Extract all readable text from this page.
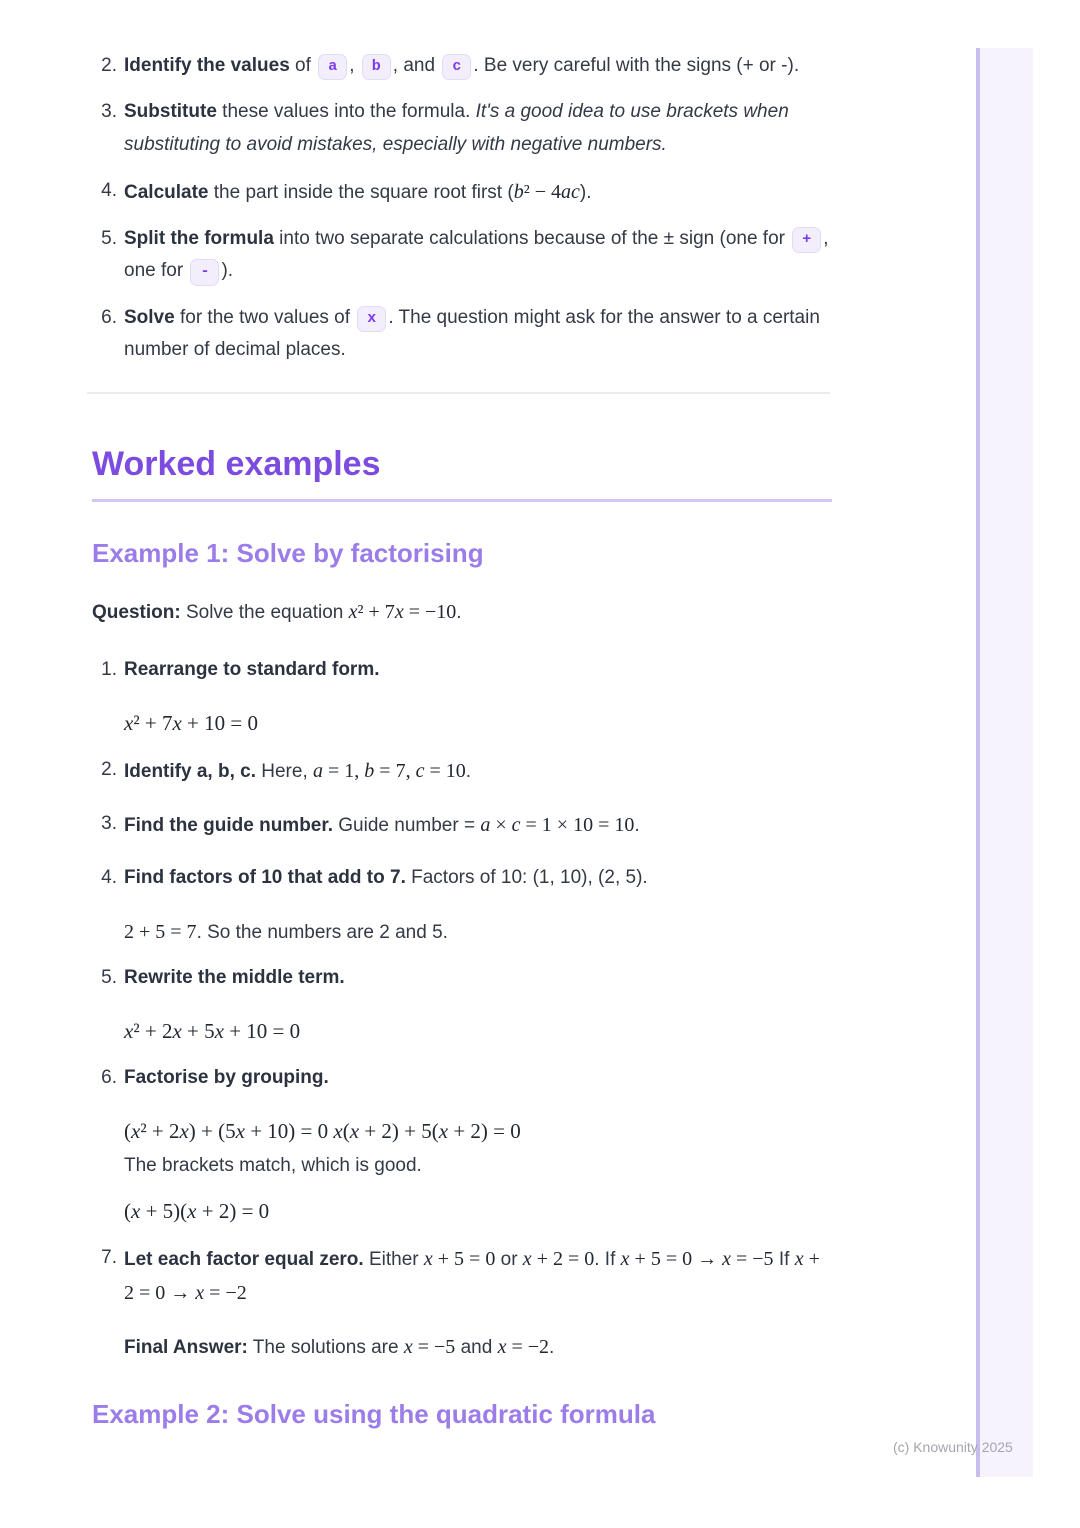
2. Identify the values of a , b , and c . Be very careful with the signs (+ or -).
3. Substitute these values into the formula. It's a good idea to use brackets when substituting to avoid mistakes, especially with negative numbers.
4. Calculate the part inside the square root first (b² − 4ac).
5. Split the formula into two separate calculations because of the ± sign (one for + , one for - ).
6. Solve for the two values of x . The question might ask for the answer to a certain number of decimal places.
Worked examples
Example 1: Solve by factorising
Question: Solve the equation x² + 7x = −10.
1. Rearrange to standard form.
x² + 7x + 10 = 0
2. Identify a, b, c. Here, a = 1, b = 7, c = 10.
3. Find the guide number. Guide number = a × c = 1 × 10 = 10.
4. Find factors of 10 that add to 7. Factors of 10: (1, 10), (2, 5).
2 + 5 = 7. So the numbers are 2 and 5.
5. Rewrite the middle term.
x² + 2x + 5x + 10 = 0
6. Factorise by grouping.
(x² + 2x) + (5x + 10) = 0 x(x + 2) + 5(x + 2) = 0
The brackets match, which is good.
(x + 5)(x + 2) = 0
7. Let each factor equal zero. Either x + 5 = 0 or x + 2 = 0. If x + 5 = 0 → x = −5 If x + 2 = 0 → x = −2
Final Answer: The solutions are x = −5 and x = −2.
Example 2: Solve using the quadratic formula
(c) Knowunity 2025
